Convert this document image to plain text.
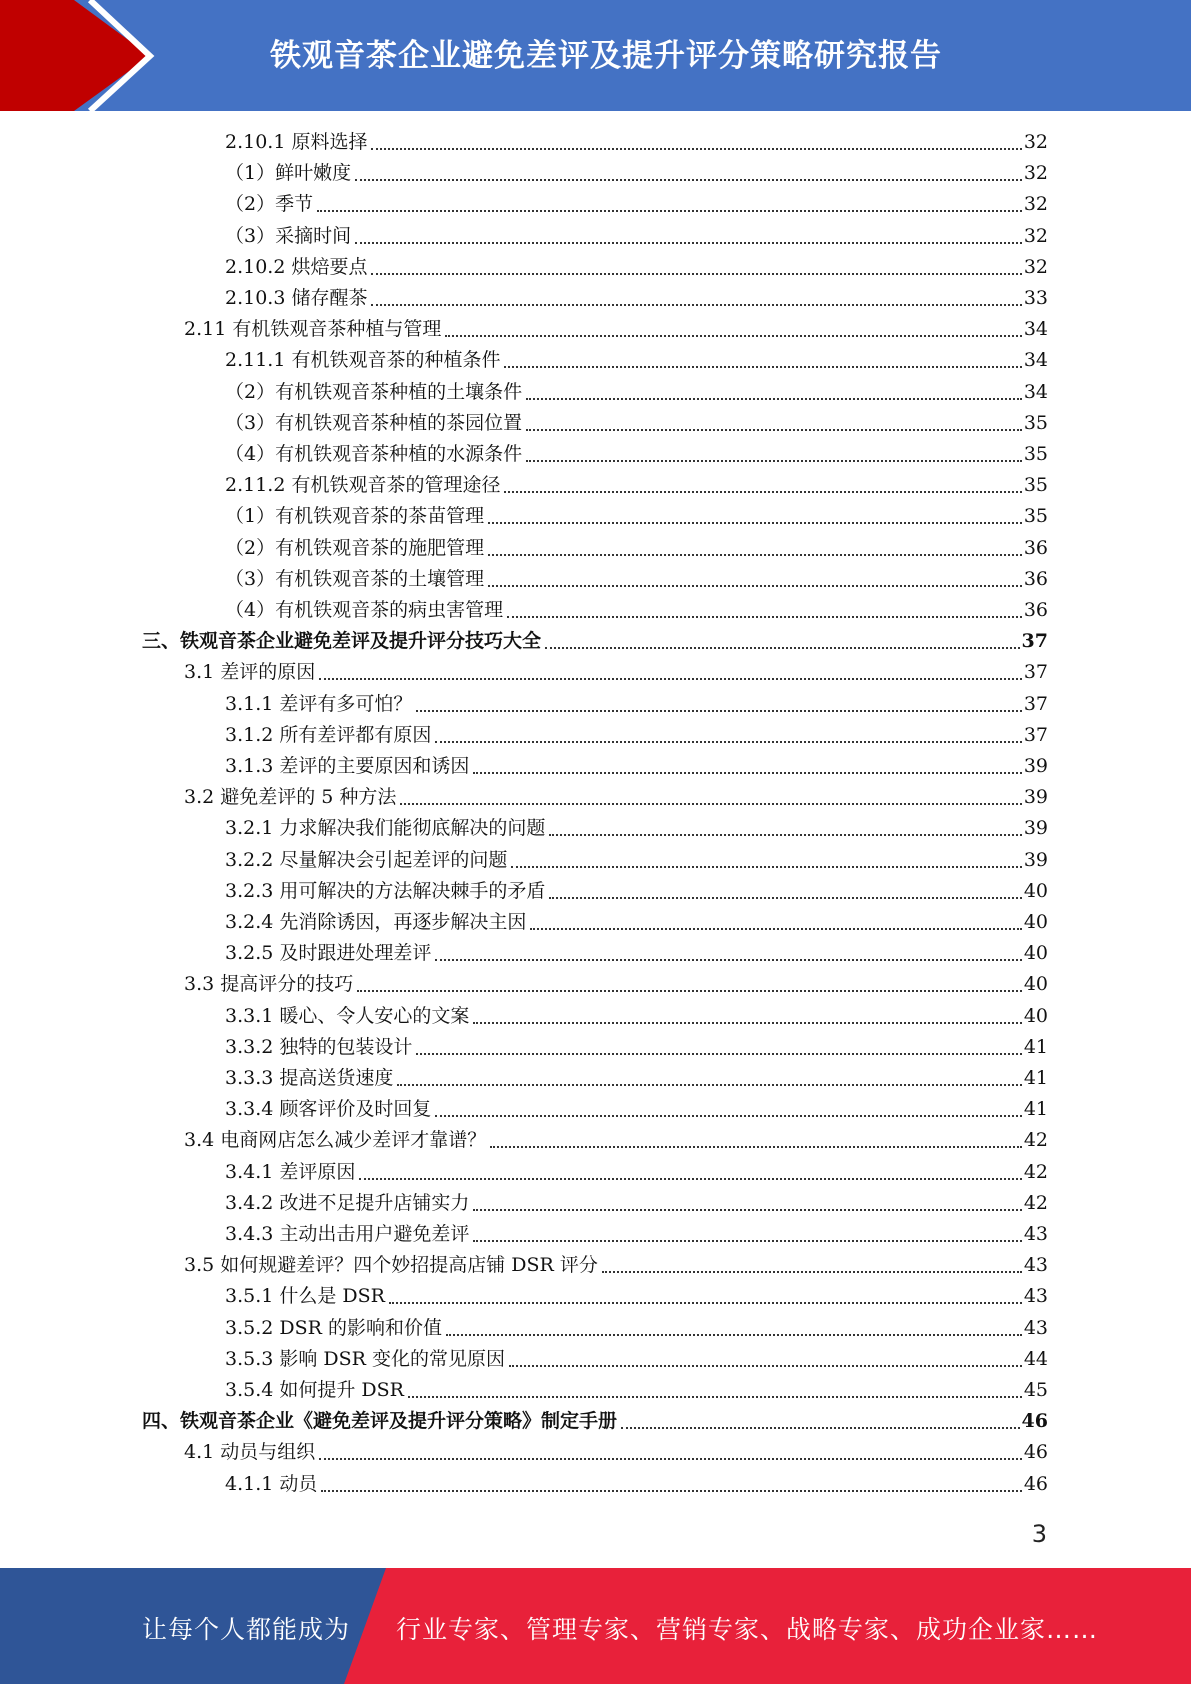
铁观音茶企业避免差评及提升评分策略研究报告
2.10.1 原料选择	32
（1）鲜叶嫩度	32
（2）季节	32
（3）采摘时间	32
2.10.2 烘焙要点	32
2.10.3 储存醒茶	33
2.11 有机铁观音茶种植与管理	34
2.11.1 有机铁观音茶的种植条件	34
（2）有机铁观音茶种植的土壤条件	34
（3）有机铁观音茶种植的茶园位置	35
（4）有机铁观音茶种植的水源条件	35
2.11.2 有机铁观音茶的管理途径	35
（1）有机铁观音茶的茶苗管理	35
（2）有机铁观音茶的施肥管理	36
（3）有机铁观音茶的土壤管理	36
（4）有机铁观音茶的病虫害管理	36
三、铁观音茶企业避免差评及提升评分技巧大全	37
3.1 差评的原因	37
3.1.1 差评有多可怕？	37
3.1.2 所有差评都有原因	37
3.1.3 差评的主要原因和诱因	39
3.2 避免差评的 5 种方法	39
3.2.1 力求解决我们能彻底解决的问题	39
3.2.2 尽量解决会引起差评的问题	39
3.2.3 用可解决的方法解决棘手的矛盾	40
3.2.4 先消除诱因，再逐步解决主因	40
3.2.5 及时跟进处理差评	40
3.3 提高评分的技巧	40
3.3.1 暖心、令人安心的文案	40
3.3.2 独特的包装设计	41
3.3.3 提高送货速度	41
3.3.4 顾客评价及时回复	41
3.4 电商网店怎么减少差评才靠谱？	42
3.4.1 差评原因	42
3.4.2 改进不足提升店铺实力	42
3.4.3 主动出击用户避免差评	43
3.5 如何规避差评？四个妙招提高店铺 DSR 评分	43
3.5.1 什么是 DSR	43
3.5.2 DSR 的影响和价值	43
3.5.3 影响 DSR 变化的常见原因	44
3.5.4 如何提升 DSR	45
四、铁观音茶企业《避免差评及提升评分策略》制定手册	46
4.1 动员与组织	46
4.1.1 动员	46
3
让每个人都能成为 行业专家、管理专家、营销专家、战略专家、成功企业家……
